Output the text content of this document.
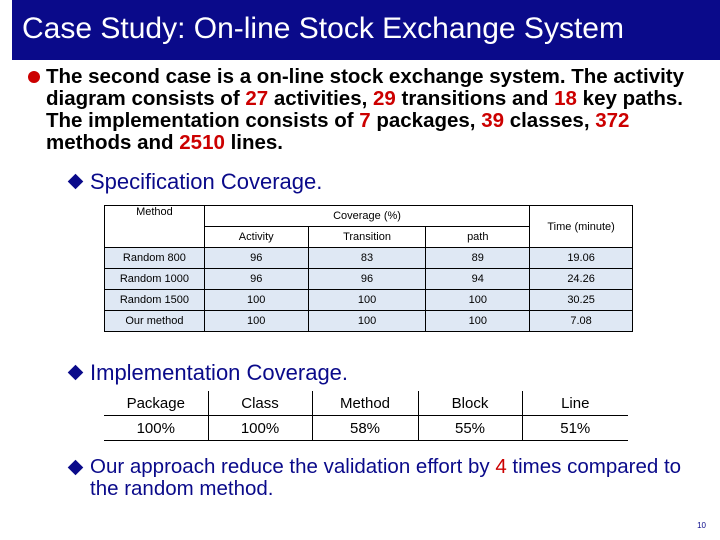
Case Study: On-line Stock Exchange System
The second case is a on-line stock exchange system. The activity diagram consists of 27 activities, 29 transitions and 18 key paths. The implementation consists of 7 packages, 39 classes, 372 methods and 2510 lines.
Specification Coverage.
Method	Coverage (%)			Time (minute)
	Activity	Transition	path	
Random 800	96	83	89	19.06
Random 1000	96	96	94	24.26
Random 1500	100	100	100	30.25
Our method	100	100	100	7.08
Implementation Coverage.
Package	Class	Method	Block	Line
100%	100%	58%	55%	51%
Our approach reduce the validation effort by 4 times compared to the random method.
10
